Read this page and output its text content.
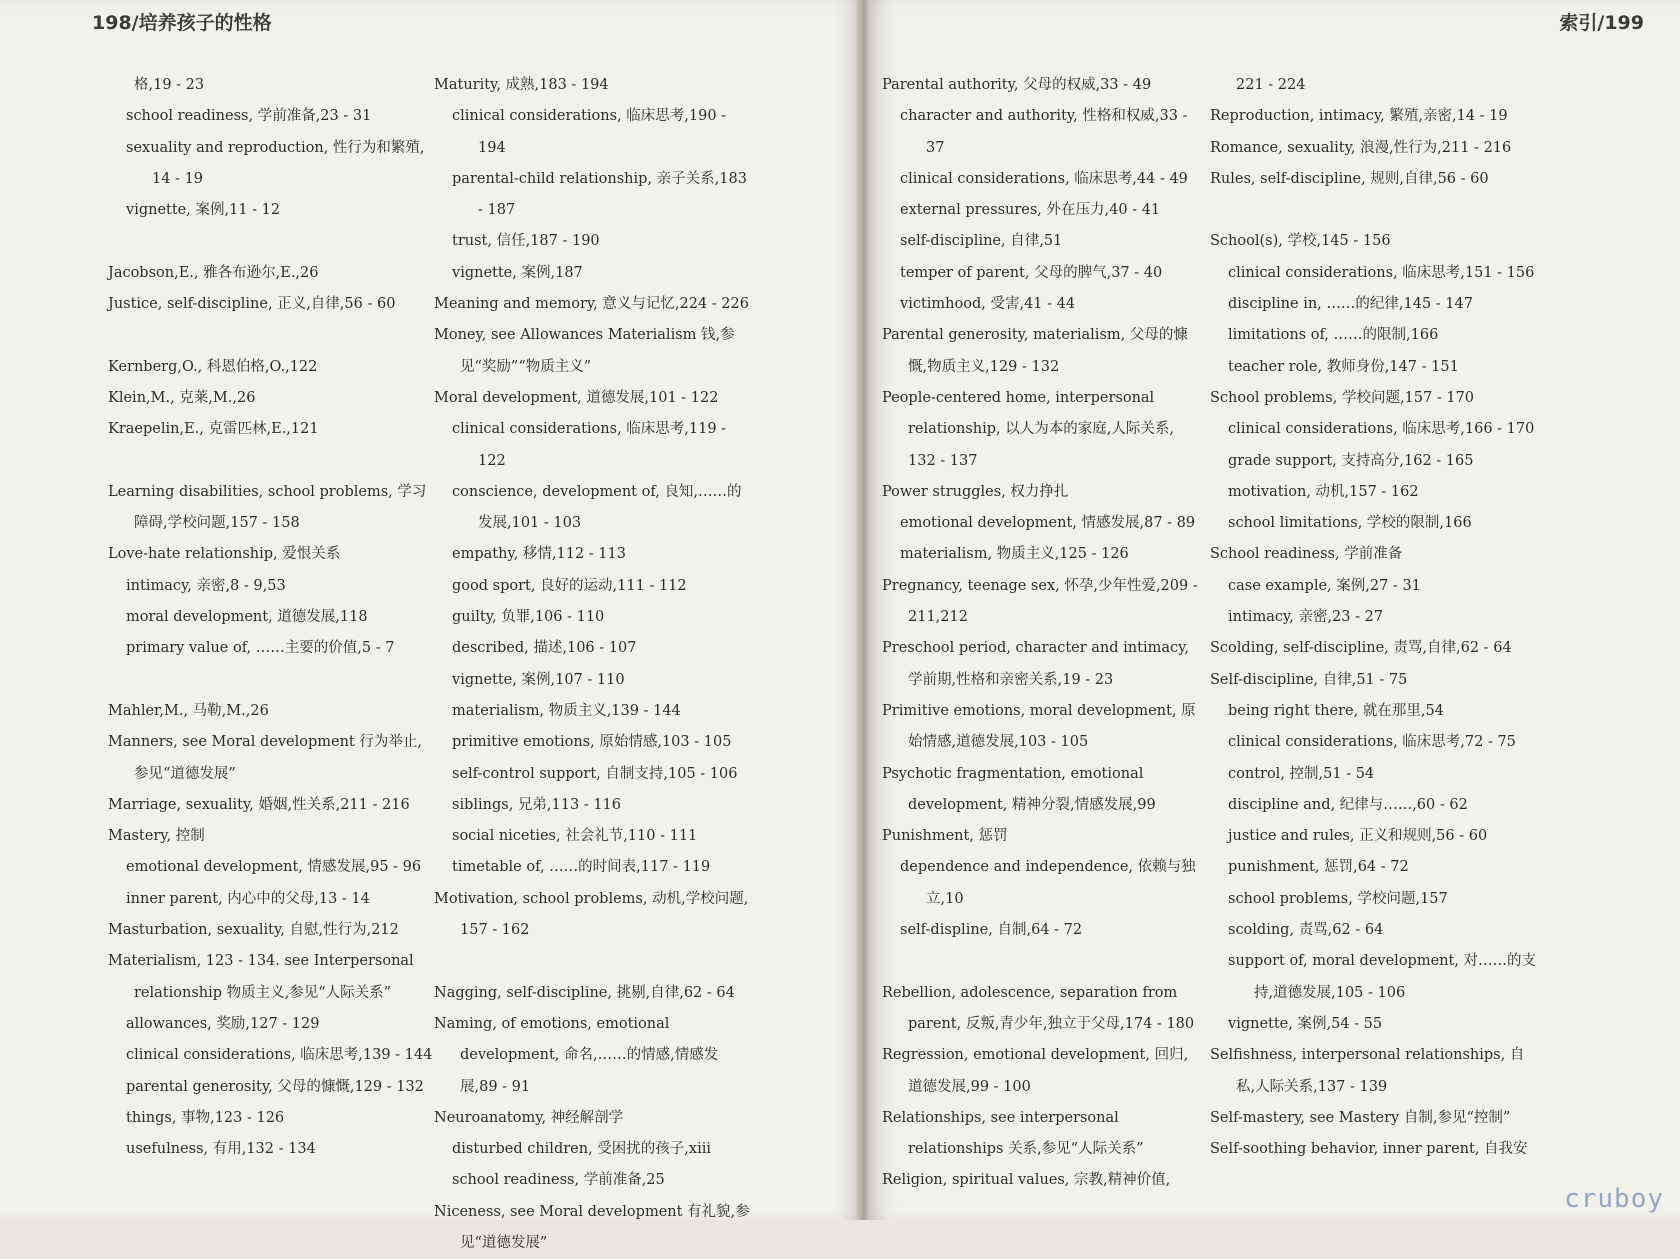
198/培养孩子的性格
格,19 - 23
school readiness, 学前准备,23 - 31
sexuality and reproduction, 性行为和繁殖, 14 - 19
vignette, 案例,11 - 12
Jacobson,E., 雅各布逊尔,E.,26
Justice, self-discipline, 正义,自律,56 - 60
Kernberg,O., 科恩伯格,O.,122
Klein,M., 克莱,M.,26
Kraepelin,E., 克雷匹林,E.,121
Learning disabilities, school problems, 学习障碍,学校问题,157 - 158
Love-hate relationship, 爱恨关系
intimacy, 亲密,8 - 9,53
moral development, 道德发展,118
primary value of, ……主要的价值,5 - 7
Mahler,M., 马勒,M.,26
Manners, see Moral development 行为举止,参见“道德发展”
Marriage, sexuality, 婚姻,性关系,211 - 216
Mastery, 控制
emotional development, 情感发展,95 - 96
inner parent, 内心中的父母,13 - 14
Masturbation, sexuality, 自慰,性行为,212
Materialism, 123 - 134. see Interpersonal relationship 物质主义,参见“人际关系”
allowances, 奖励,127 - 129
clinical considerations, 临床思考,139 - 144
parental generosity, 父母的慷慨,129 - 132
things, 事物,123 - 126
usefulness, 有用,132 - 134
Maturity, 成熟,183 - 194
clinical considerations, 临床思考,190 - 194
parental-child relationship, 亲子关系,183 - 187
trust, 信任,187 - 190
vignette, 案例,187
Meaning and memory, 意义与记忆,224 - 226
Money, see Allowances Materialism 钱,参见“奖励”“物质主义”
Moral development, 道德发展,101 - 122
clinical considerations, 临床思考,119 - 122
conscience, development of, 良知,……的发展,101 - 103
empathy, 移情,112 - 113
good sport, 良好的运动,111 - 112
guilty, 负罪,106 - 110
described, 描述,106 - 107
vignette, 案例,107 - 110
materialism, 物质主义,139 - 144
primitive emotions, 原始情感,103 - 105
self-control support, 自制支持,105 - 106
siblings, 兄弟,113 - 116
social niceties, 社会礼节,110 - 111
timetable of, ……的时间表,117 - 119
Motivation, school problems, 动机,学校问题, 157 - 162
Nagging, self-discipline, 挑剔,自律,62 - 64
Naming, of emotions, emotional development, 命名,……的情感,情感发展,89 - 91
Neuroanatomy, 神经解剖学
disturbed children, 受困扰的孩子,xiii
school readiness, 学前准备,25
Niceness, see Moral development 有礼貌,参见“道德发展”
索引/199
Parental authority, 父母的权威,33 - 49
character and authority, 性格和权威,33 - 37
clinical considerations, 临床思考,44 - 49
external pressures, 外在压力,40 - 41
self-discipline, 自律,51
temper of parent, 父母的脾气,37 - 40
victimhood, 受害,41 - 44
Parental generosity, materialism, 父母的慷慨,物质主义,129 - 132
People-centered home, interpersonal relationship, 以人为本的家庭,人际关系, 132 - 137
Power struggles, 权力挣扎
emotional development, 情感发展,87 - 89
materialism, 物质主义,125 - 126
Pregnancy, teenage sex, 怀孕,少年性爱,209 - 211,212
Preschool period, character and intimacy, 学前期,性格和亲密关系,19 - 23
Primitive emotions, moral development, 原始情感,道德发展,103 - 105
Psychotic fragmentation, emotional development, 精神分裂,情感发展,99
Punishment, 惩罚
dependence and independence, 依赖与独立,10
self-displine, 自制,64 - 72
Rebellion, adolescence, separation from parent, 反叛,青少年,独立于父母,174 - 180
Regression, emotional development, 回归,道德发展,99 - 100
Relationships, see interpersonal relationships 关系,参见“人际关系”
Religion, spiritual values, 宗教,精神价值,
221 - 224
Reproduction, intimacy, 繁殖,亲密,14 - 19
Romance, sexuality, 浪漫,性行为,211 - 216
Rules, self-discipline, 规则,自律,56 - 60
School(s), 学校,145 - 156
clinical considerations, 临床思考,151 - 156
discipline in, ……的纪律,145 - 147
limitations of, ……的限制,166
teacher role, 教师身份,147 - 151
School problems, 学校问题,157 - 170
clinical considerations, 临床思考,166 - 170
grade support, 支持高分,162 - 165
motivation, 动机,157 - 162
school limitations, 学校的限制,166
School readiness, 学前准备
case example, 案例,27 - 31
intimacy, 亲密,23 - 27
Scolding, self-discipline, 责骂,自律,62 - 64
Self-discipline, 自律,51 - 75
being right there, 就在那里,54
clinical considerations, 临床思考,72 - 75
control, 控制,51 - 54
discipline and, 纪律与……,60 - 62
justice and rules, 正义和规则,56 - 60
punishment, 惩罚,64 - 72
school problems, 学校问题,157
scolding, 责骂,62 - 64
support of, moral development, 对……的支持,道德发展,105 - 106
vignette, 案例,54 - 55
Selfishness, interpersonal relationships, 自私,人际关系,137 - 139
Self-mastery, see Mastery 自制,参见“控制”
Self-soothing behavior, inner parent, 自我安
cruboy
